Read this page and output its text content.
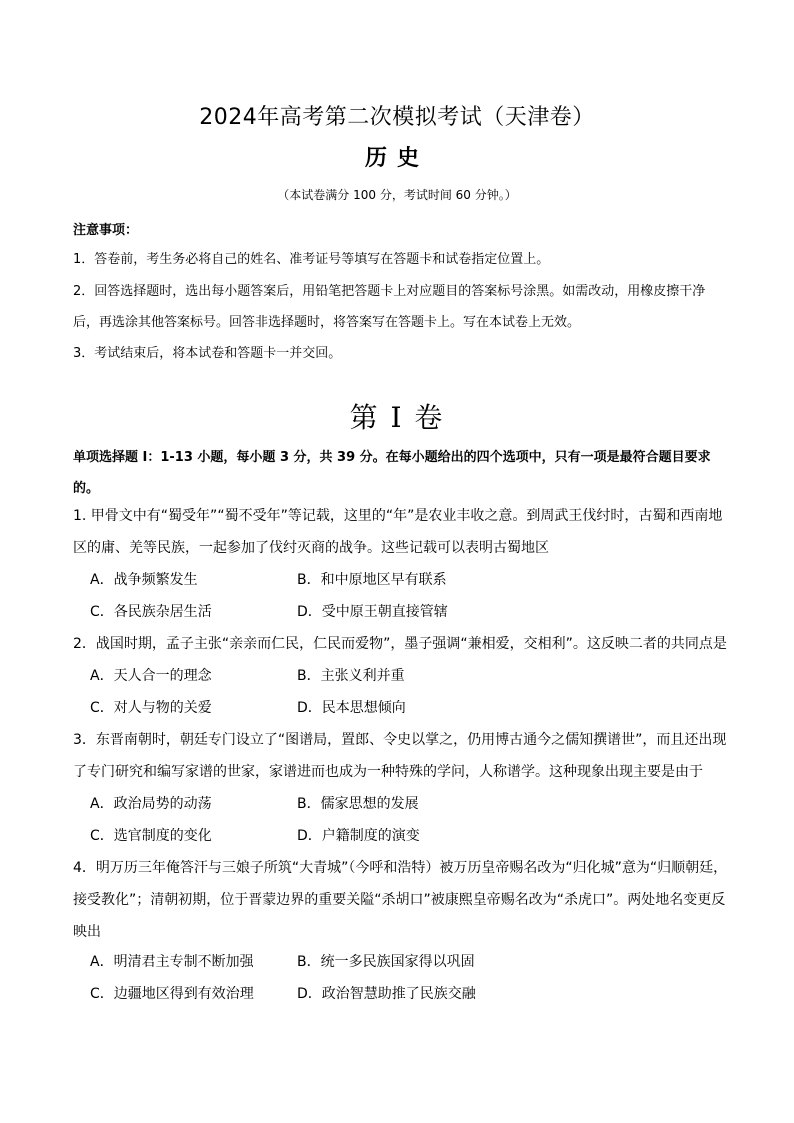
2024年高考第二次模拟考试（天津卷）
历史
（本试卷满分 100 分，考试时间 60 分钟。）
注意事项：
1．答卷前，考生务必将自己的姓名、准考证号等填写在答题卡和试卷指定位置上。
2．回答选择题时，选出每小题答案后，用铅笔把答题卡上对应题目的答案标号涂黑。如需改动，用橡皮擦干净后，再选涂其他答案标号。回答非选择题时，将答案写在答题卡上。写在本试卷上无效。
3．考试结束后，将本试卷和答题卡一并交回。
第 I 卷
单项选择题 I：1-13 小题，每小题 3 分，共 39 分。在每小题给出的四个选项中，只有一项是最符合题目要求的。
1. 甲骨文中有“蜀受年”“蜀不受年”等记载，这里的“年”是农业丰收之意。到周武王伐纣时，古蜀和西南地区的庸、羌等民族，一起参加了伐纣灭商的战争。这些记载可以表明古蜀地区
A．战争频繁发生	B．和中原地区早有联系
C．各民族杂居生活	D．受中原王朝直接管辖
2．战国时期，孟子主张“亲亲而仁民，仁民而爱物”，墨子强调“兼相爱，交相利”。这反映二者的共同点是
A．天人合一的理念	B．主张义利并重
C．对人与物的关爱	D．民本思想倾向
3．东晋南朝时，朝廷专门设立了“图谱局，置郎、令史以掌之，仍用博古通今之儒知撰谱世”，而且还出现了专门研究和编写家谱的世家，家谱进而也成为一种特殊的学问，人称谱学。这种现象出现主要是由于
A．政治局势的动荡	B．儒家思想的发展
C．选官制度的变化	D．户籍制度的演变
4．明万历三年俺答汗与三娘子所筑“大青城”（今呼和浩特）被万历皇帝赐名改为“归化城”意为“归顺朝廷，接受教化”；清朝初期，位于晋蒙边界的重要关隘“杀胡口”被康熙皇帝赐名改为“杀虎口”。两处地名变更反映出
A．明清君主专制不断加强	B．统一多民族国家得以巩固
C．边疆地区得到有效治理	D．政治智慧助推了民族交融
